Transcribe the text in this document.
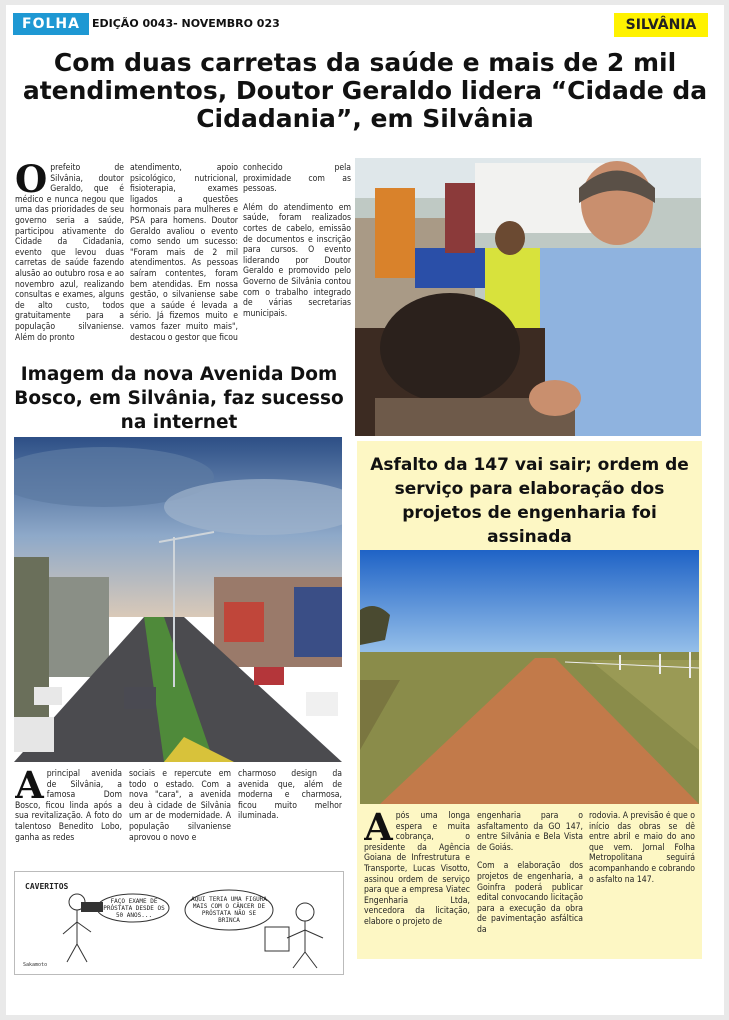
FOLHA	EDIÇÃO 0043- NOVEMBRO 023	SILVÂNIA
Com duas carretas da saúde e mais de 2 mil atendimentos, Doutor Geraldo lidera “Cidade da Cidadania”, em Silvânia
O prefeito de Silvânia, doutor Geraldo, que é médico e nunca negou que uma das prioridades de seu governo seria a saúde, participou ativamente do Cidade da Cidadania, evento que levou duas carretas de saúde fazendo alusão ao outubro rosa e ao novembro azul, realizando consultas e exames, alguns de alto custo, todos gratuitamente para a população silvaniense. Além do pronto
atendimento, apoio psicológico, nutricional, fisioterapia, exames ligados a questões hormonais para mulheres e PSA para homens. Doutor Geraldo avaliou o evento como sendo um sucesso: "Foram mais de 2 mil atendimentos. As pessoas saíram contentes, foram bem atendidas. Em nossa gestão, o silvaniense sabe que a saúde é levada a sério. Já fizemos muito e vamos fazer muito mais", destacou o gestor que ficou

conhecido pela proximidade com as pessoas.

Além do atendimento em saúde, foram realizados cortes de cabelo, emissão de documentos e inscrição para cursos. O evento liderando por Doutor Geraldo e promovido pelo Governo de Silvânia contou com o trabalho integrado de várias secretarias municipais.

Imagem da nova Avenida Dom Bosco, em Silvânia, faz sucesso na internet
A principal avenida de Silvânia, a famosa Dom Bosco, ficou linda após a sua revitalização. A foto do talentoso Benedito Lobo, ganha as redes
sociais e repercute em todo o estado. Com a nova "cara", a avenida deu à cidade de Silvânia um ar de modernidade. A população silvaniense aprovou o novo e
charmoso design da avenida que, além de moderna e charmosa, ficou muito melhor iluminada.
CAVERITOS
FAÇO EXAME DE PRÓSTATA DESDE OS 50 ANOS...
AQUI TERIA UMA FIGURA MAIS COM O CÂNCER DE PRÓSTATA NÃO SE BRINCA
Sakamoto
Asfalto da 147 vai sair; ordem de serviço para elaboração dos projetos de engenharia foi assinada
A pós uma longa espera e muita cobrança, o presidente da Agência Goiana de Infrestrutura e Transporte, Lucas Visotto, assinou ordem de serviço para que a empresa Viatec Engenharia Ltda, vencedora da licitação, elabore o projeto de

engenharia para o asfaltamento da GO 147, entre Silvânia e Bela Vista de Goiás.

Com a elaboração dos projetos de engenharia, a Goinfra poderá publicar edital convocando licitação para a execução da obra de pavimentação asfáltica da

rodovia. A previsão é que o início das obras se dê entre abril e maio do ano que vem. Jornal Folha Metropolitana seguirá acompanhando e cobrando o asfalto na 147.
